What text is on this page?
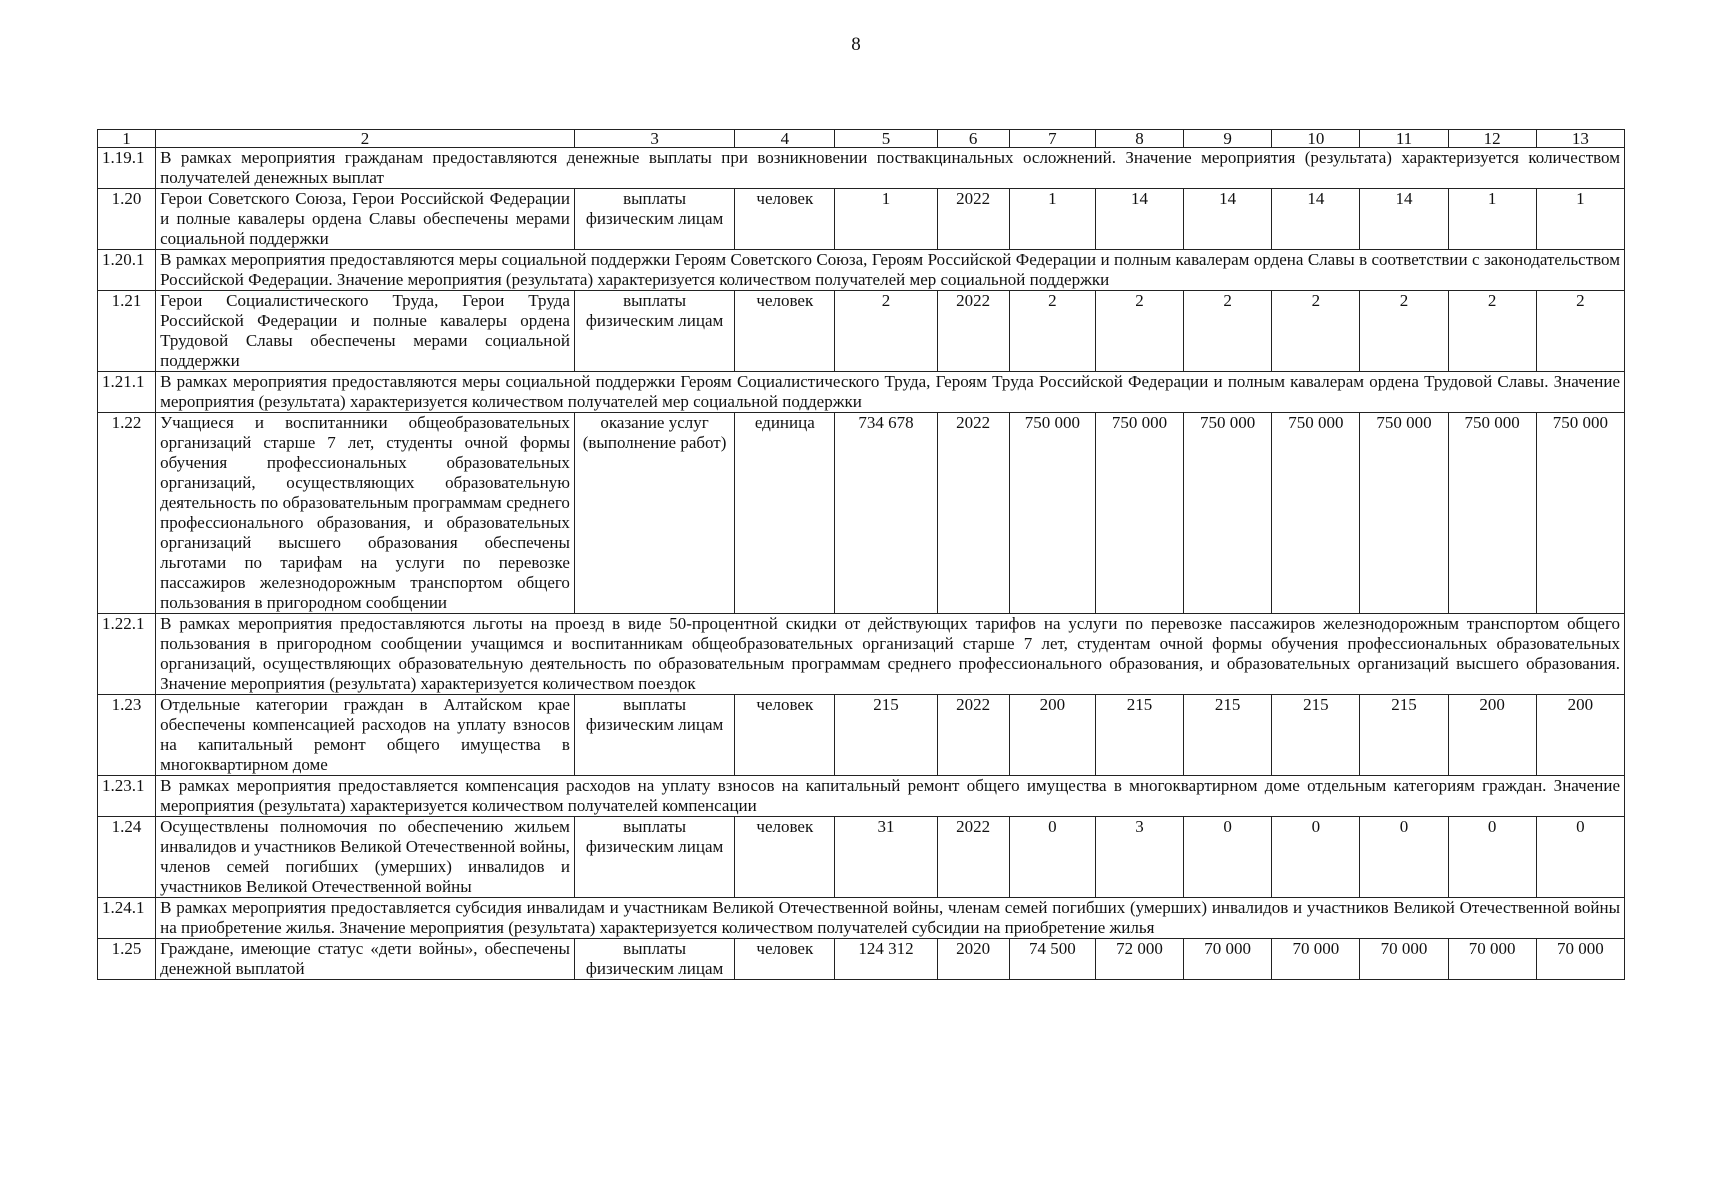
8
1	2	3	4	5	6	7	8	9	10	11	12	13
1.19.1	В рамках мероприятия гражданам предоставляются денежные выплаты при возникновении поствакцинальных осложнений. Значение мероприятия (результата) характеризуется количеством получателей денежных выплат											
1.20	Герои Советского Союза, Герои Российской Федерации и полные кавалеры ордена Славы обеспечены мерами социальной поддержки	выплаты физическим лицам	человек	1	2022	1	14	14	14	14	1	1
1.20.1	В рамках мероприятия предоставляются меры социальной поддержки Героям Советского Союза, Героям Российской Федерации и полным кавалерам ордена Славы в соответствии с законодательством Российской Федерации. Значение мероприятия (результата) характеризуется количеством получателей мер социальной поддержки											
1.21	Герои Социалистического Труда, Герои Труда Российской Федерации и полные кавалеры ордена Трудовой Славы обеспечены мерами социальной поддержки	выплаты физическим лицам	человек	2	2022	2	2	2	2	2	2	2
1.21.1	В рамках мероприятия предоставляются меры социальной поддержки Героям Социалистического Труда, Героям Труда Российской Федерации и полным кавалерам ордена Трудовой Славы. Значение мероприятия (результата) характеризуется количеством получателей мер социальной поддержки											
1.22	Учащиеся и воспитанники общеобразовательных организаций старше 7 лет, студенты очной формы обучения профессиональных образовательных организаций, осуществляющих образовательную деятельность по образовательным программам среднего профессионального образования, и образовательных организаций высшего образования обеспечены льготами по тарифам на услуги по перевозке пассажиров железнодорожным транспортом общего пользования в пригородном сообщении	оказание услуг (выполнение работ)	единица	734 678	2022	750 000	750 000	750 000	750 000	750 000	750 000	750 000
1.22.1	В рамках мероприятия предоставляются льготы на проезд в виде 50-процентной скидки от действующих тарифов на услуги по перевозке пассажиров железнодорожным транспортом общего пользования в пригородном сообщении учащимся и воспитанникам общеобразовательных организаций старше 7 лет, студентам очной формы обучения профессиональных образовательных организаций, осуществляющих образовательную деятельность по образовательным программам среднего профессионального образования, и образовательных организаций высшего образования. Значение мероприятия (результата) характеризуется количеством поездок											
1.23	Отдельные категории граждан в Алтайском крае обеспечены компенсацией расходов на уплату взносов на капитальный ремонт общего имущества в многоквартирном доме	выплаты физическим лицам	человек	215	2022	200	215	215	215	215	200	200
1.23.1	В рамках мероприятия предоставляется компенсация расходов на уплату взносов на капитальный ремонт общего имущества в многоквартирном доме отдельным категориям граждан. Значение мероприятия (результата) характеризуется количеством получателей компенсации											
1.24	Осуществлены полномочия по обеспечению жильем инвалидов и участников Великой Отечественной войны, членов семей погибших (умерших) инвалидов и участников Великой Отечественной войны	выплаты физическим лицам	человек	31	2022	0	3	0	0	0	0	0
1.24.1	В рамках мероприятия предоставляется субсидия инвалидам и участникам Великой Отечественной войны, членам семей погибших (умерших) инвалидов и участников Великой Отечественной войны на приобретение жилья. Значение мероприятия (результата) характеризуется количеством получателей субсидии на приобретение жилья											
1.25	Граждане, имеющие статус «дети войны», обеспечены денежной выплатой	выплаты физическим лицам	человек	124 312	2020	74 500	72 000	70 000	70 000	70 000	70 000	70 000
